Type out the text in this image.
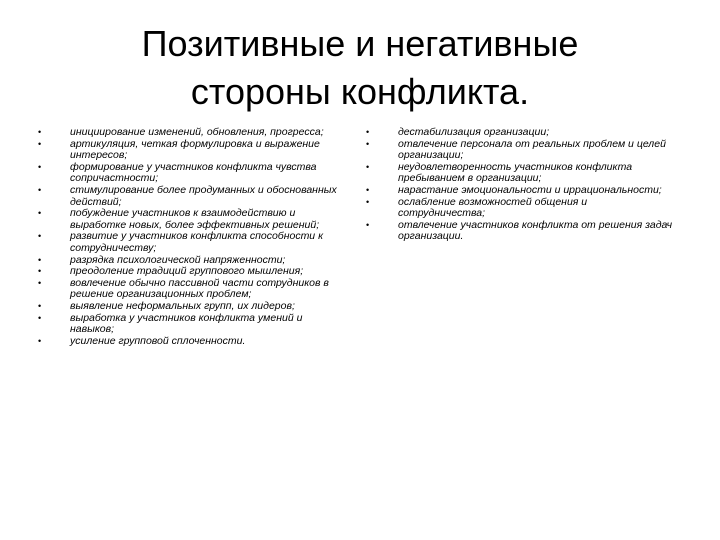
Позитивные и негативные
стороны конфликта.
• инициирование изменений, обновления, прогресса;
• артикуляция, четкая формулировка и выражение интересов;
• формирование у участников конфликта чувства сопричастности;
• стимулирование более продуманных и обоснованных действий;
• побуждение участников к взаимодействию и выработке новых, более эффективных решений;
• развитие у участников конфликта способности к сотрудничеству;
• разрядка психологической напряженности;
• преодоление традиций группового мышления;
• вовлечение обычно пассивной части сотрудников в решение организационных проблем;
• выявление неформальных групп, их лидеров;
• выработка у участников конфликта умений и навыков;
• усиление групповой сплоченности.
• дестабилизация организации;
• отвлечение персонала от реальных проблем и целей организации;
• неудовлетворенность участников конфликта пребыванием в организации;
• нарастание эмоциональности и иррациональности;
• ослабление возможностей общения и сотрудничества;
• отвлечение участников конфликта от решения задач организации.
